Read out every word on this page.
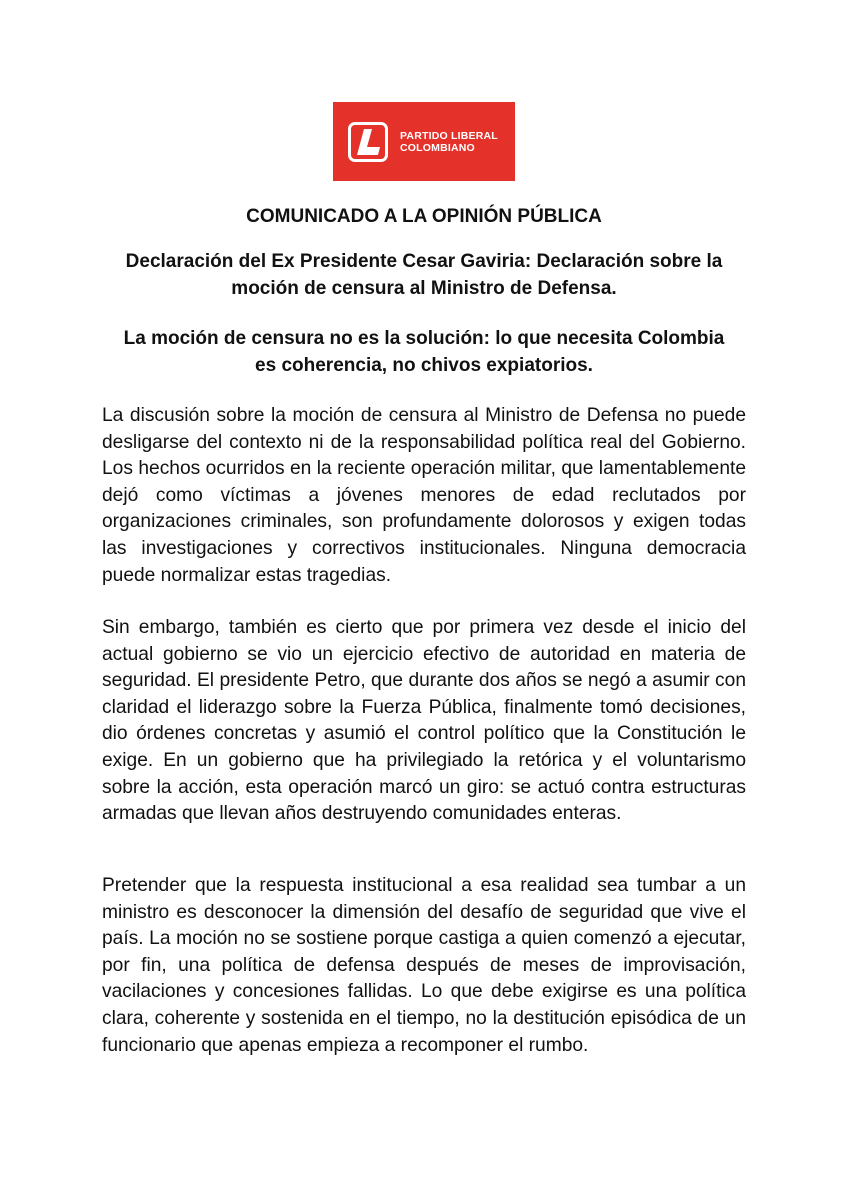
PARTIDO LIBERAL
COLOMBIANO
COMUNICADO A LA OPINIÓN PÚBLICA
Declaración del Ex Presidente Cesar Gaviria: Declaración sobre la
moción de censura al Ministro de Defensa.
La moción de censura no es la solución: lo que necesita Colombia
es coherencia, no chivos expiatorios.

La discusión sobre la moción de censura al Ministro de Defensa no puede desligarse del contexto ni de la responsabilidad política real del Gobierno. Los hechos ocurridos en la reciente operación militar, que lamentablemente dejó como víctimas a jóvenes menores de edad reclutados por organizaciones criminales, son profundamente dolorosos y exigen todas las investigaciones y correctivos institucionales. Ninguna democracia puede normalizar estas tragedias.

Sin embargo, también es cierto que por primera vez desde el inicio del actual gobierno se vio un ejercicio efectivo de autoridad en materia de seguridad. El presidente Petro, que durante dos años se negó a asumir con claridad el liderazgo sobre la Fuerza Pública, finalmente tomó decisiones, dio órdenes concretas y asumió el control político que la Constitución le exige. En un gobierno que ha privilegiado la retórica y el voluntarismo sobre la acción, esta operación marcó un giro: se actuó contra estructuras armadas que llevan años destruyendo comunidades enteras.

Pretender que la respuesta institucional a esa realidad sea tumbar a un ministro es desconocer la dimensión del desafío de seguridad que vive el país. La moción no se sostiene porque castiga a quien comenzó a ejecutar, por fin, una política de defensa después de meses de improvisación, vacilaciones y concesiones fallidas. Lo que debe exigirse es una política clara, coherente y sostenida en el tiempo, no la destitución episódica de un funcionario que apenas empieza a recomponer el rumbo.
